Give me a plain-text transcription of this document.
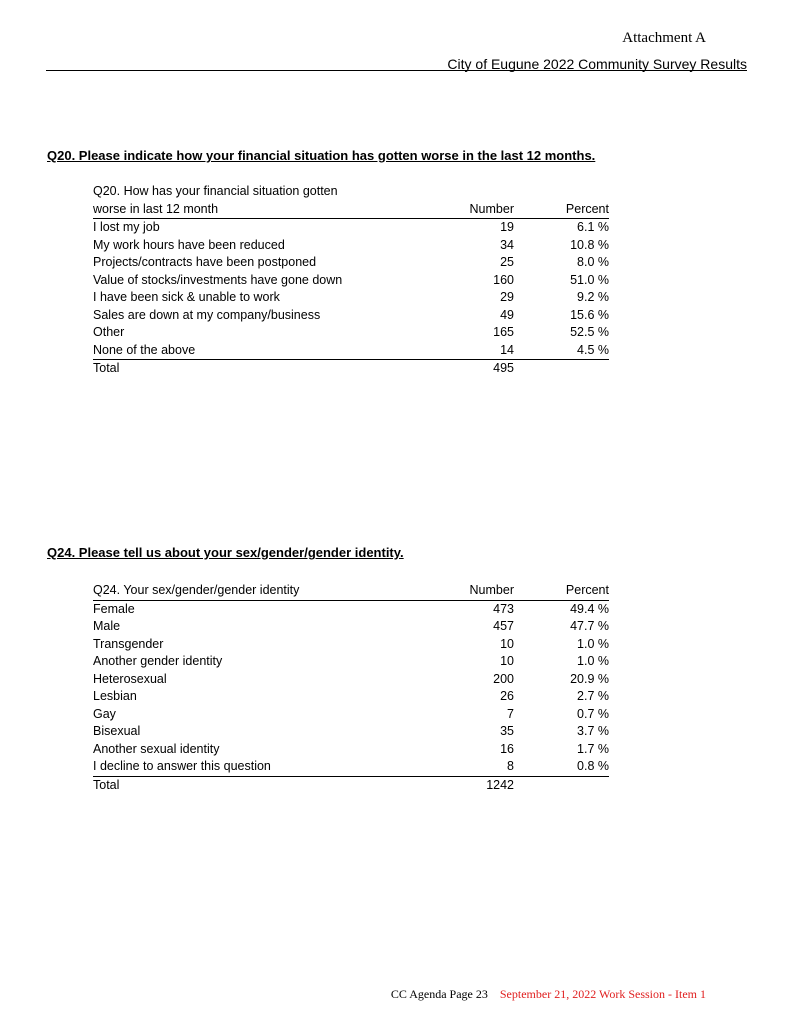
Attachment A
City of Eugune 2022 Community Survey Results
Q20. Please indicate how your financial situation has gotten worse in the last 12 months.
Q20. How has your financial situation gotten		
worse in last 12 month	Number	Percent
I lost my job	19	6.1 %
My work hours have been reduced	34	10.8 %
Projects/contracts have been postponed	25	8.0 %
Value of stocks/investments have gone down	160	51.0 %
I have been sick & unable to work	29	9.2 %
Sales are down at my company/business	49	15.6 %
Other	165	52.5 %
None of the above	14	4.5 %
Total	495	
Q24. Please tell us about your sex/gender/gender identity.
Q24. Your sex/gender/gender identity	Number	Percent
Female	473	49.4 %
Male	457	47.7 %
Transgender	10	1.0 %
Another gender identity	10	1.0 %
Heterosexual	200	20.9 %
Lesbian	26	2.7 %
Gay	7	0.7 %
Bisexual	35	3.7 %
Another sexual identity	16	1.7 %
I decline to answer this question	8	0.8 %
Total	1242	
CC Agenda Page 23 September 21, 2022 Work Session - Item 1
